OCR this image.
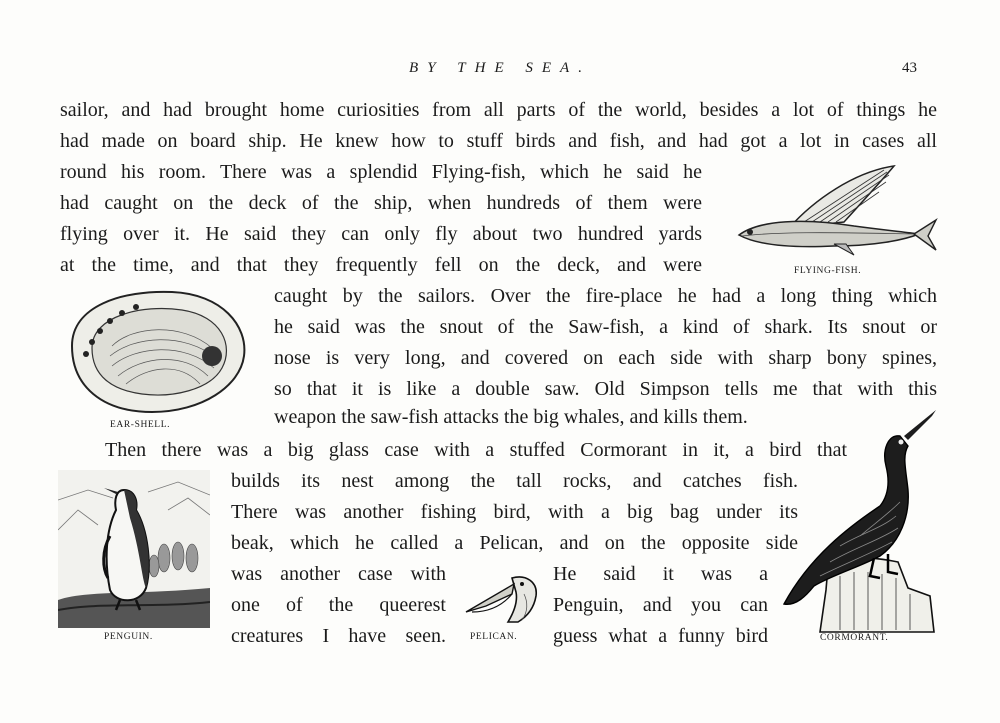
BY THE SEA.	43
sailor, and had brought home curiosities from all parts of the world, besides a lot of things he
had made on board ship. He knew how to stuff birds and fish, and had got a lot in cases all
round his room. There was a splendid Flying-fish, which he said he
had caught on the deck of the ship, when hundreds of them were
flying over it. He said they can only fly about two hundred yards
at the time, and that they frequently fell on the deck, and were
caught by the sailors. Over the fire-place he had a long thing which
he said was the snout of the Saw-fish, a kind of shark. Its snout or
nose is very long, and covered on each side with sharp bony spines,
so that it is like a double saw. Old Simpson tells me that with this
weapon the saw-fish attacks the big whales, and kills them.
Then there was a big glass case with a stuffed Cormorant in it, a bird that
builds its nest among the tall rocks, and catches fish.
There was another fishing bird, with a big bag under its
beak, which he called a Pelican, and on the opposite side
was another case with	He said it was a
one of the queerest	Penguin, and you can
creatures I have seen.	guess what a funny bird
FLYING-FISH.
EAR-SHELL.
PENGUIN.	PELICAN.	CORMORANT.
